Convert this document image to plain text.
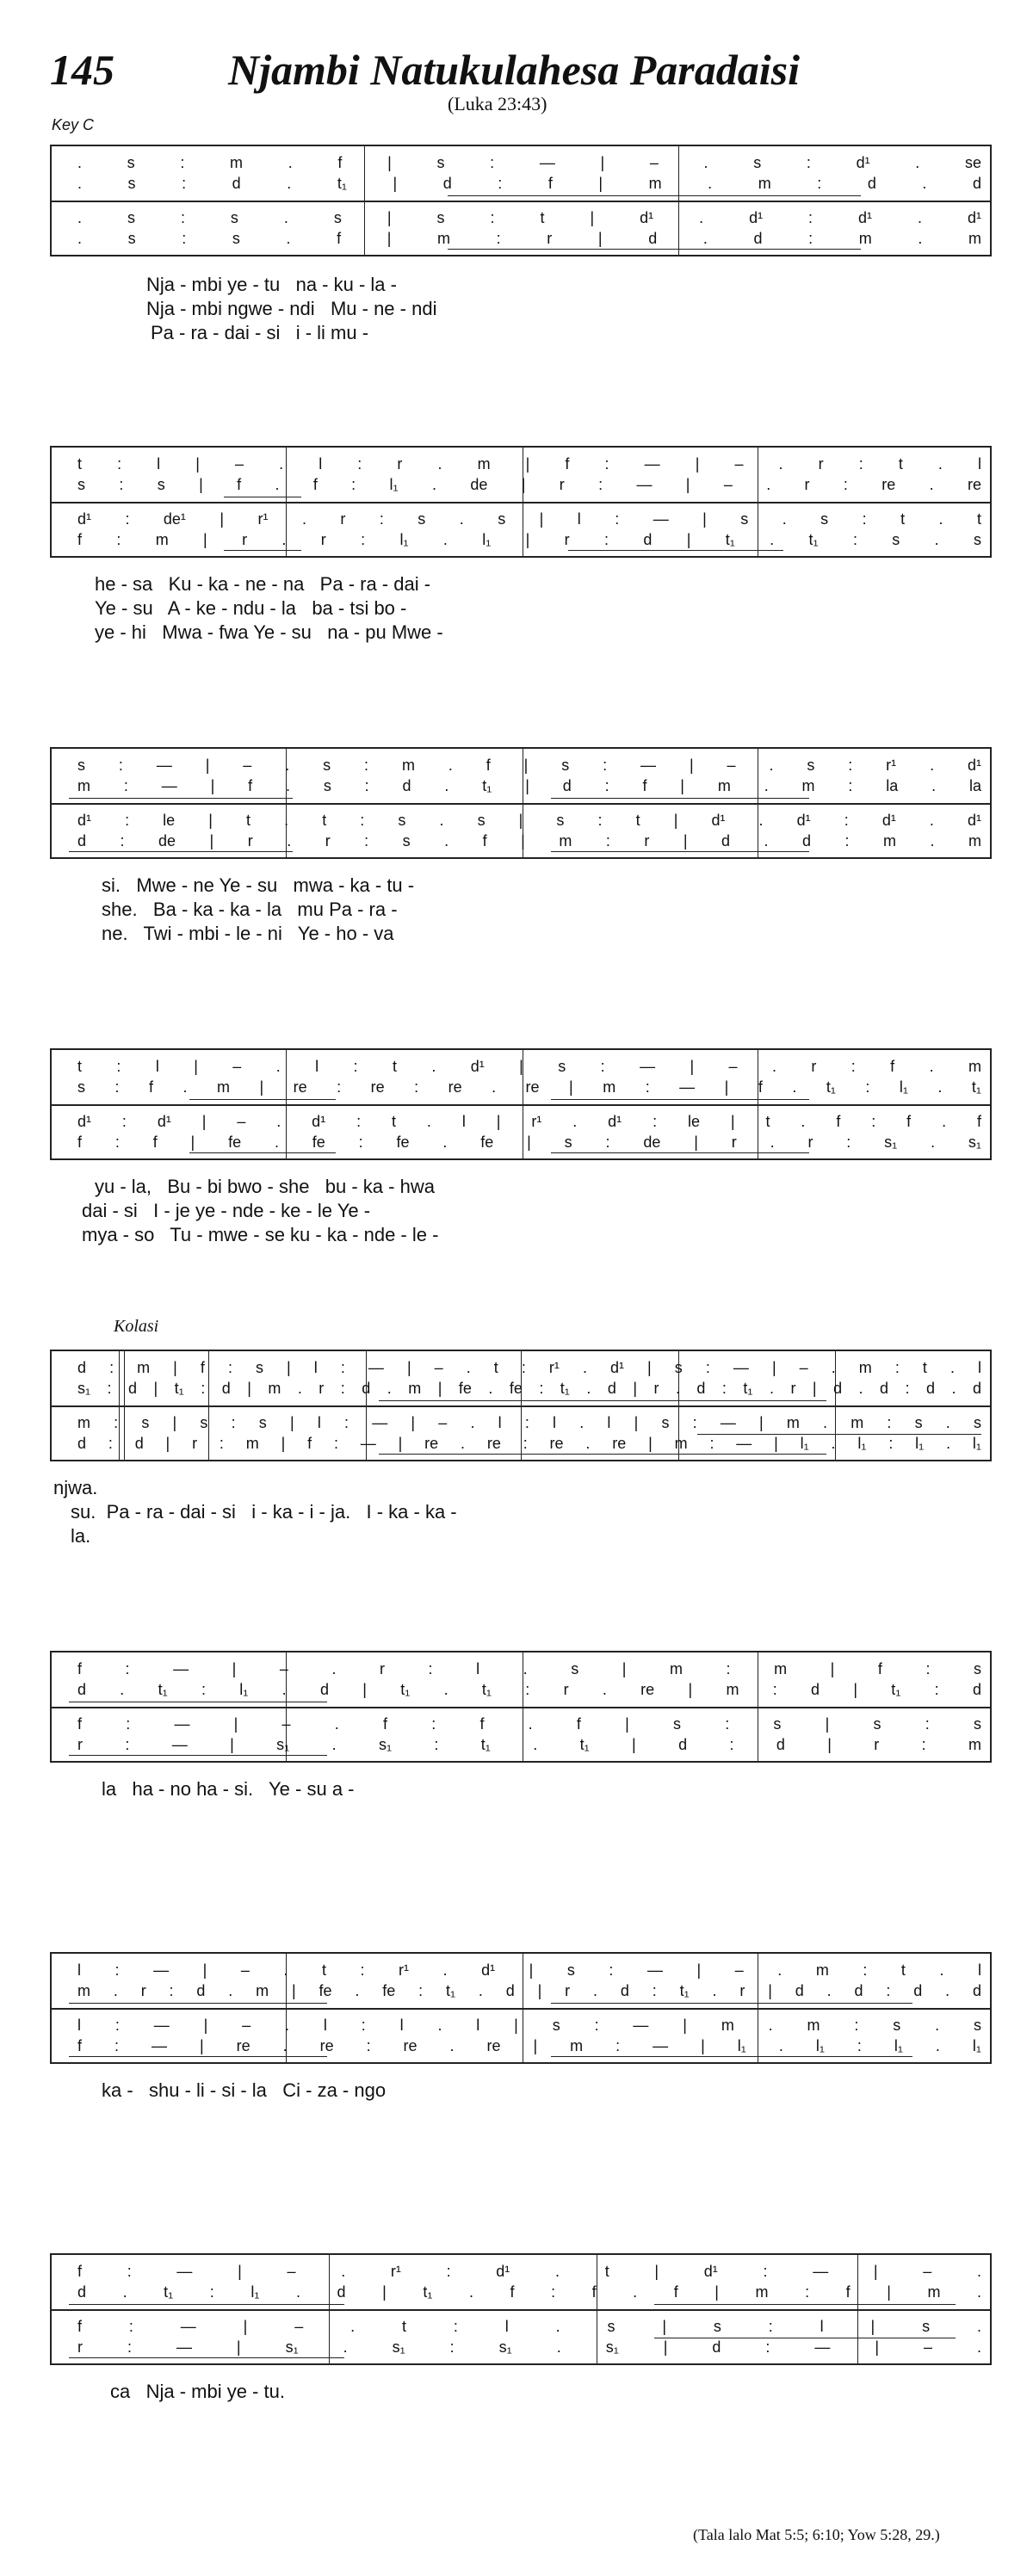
145	Njambi Natukulahesa Paradaisi
(Luka 23:43)
Key C
Kolasi
(Tala lalo Mat 5:5; 6:10; Yow 5:28, 29.)
. s : m . f | s : — | – . s : d¹ . se
. s : d . t₁ | d : f | m . m : d . d
. s : s . s | s : t | d¹ . d¹ : d¹ . d¹
. s : s . f | m : r | d . d : m . m
Nja - mbi ye - tu   na - ku - la -
Nja - mbi ngwe - ndi   Mu - ne - ndi
Pa - ra - dai - si   i - li mu -
t : l | – . l : r . m | f : — | – . r : t . l
s : s | f . f : l₁ . de | r : — | – . r : re . re
d¹ : de¹ | r¹ . r : s . s | l : — | s . s : t . t
f : m | r . r : l₁ . l₁ | r : d | t₁ . t₁ : s . s
he - sa   Ku - ka - ne - na   Pa - ra - dai -
Ye - su   A - ke - ndu - la   ba - tsi bo -
ye - hi   Mwa - fwa Ye - su   na - pu Mwe -
s : — | – . s : m . f | s : — | – . s : r¹ . d¹
m : — | f . s : d . t₁ | d : f | m . m : la . la
d¹ : le | t . t : s . s | s : t | d¹ . d¹ : d¹ . d¹
d : de | r . r : s . f | m : r | d . d : m . m
si.   Mwe - ne Ye - su   mwa - ka - tu -
she.   Ba - ka - ka - la   mu Pa - ra -
ne.   Twi - mbi - le - ni   Ye - ho - va
t : l | – . l : t . d¹ | s : — | – . r : f . m
s : f . m | re : re : re . re | m : — | f . t₁ : l₁ . t₁
d¹ : d¹ | – . d¹ : t . l | r¹ . d¹ : le | t . f : f . f
f : f | fe . fe : fe . fe | s : de | r . r : s₁ . s₁
yu - la,   Bu - bi bwo - she   bu - ka - hwa
dai - si   I - je ye - nde - ke - le Ye -
mya - so   Tu - mwe - se ku - ka - nde - le -
d : m | f : s | l : — | – . t : r¹ . d¹ | s : — | – . m : t . l
s₁ : d | t₁ : d | m . r : d . m | fe . fe : t₁ . d | r . d : t₁ . r | d . d : d . d
m : s | s : s | l : — | – . l : l . l | s : — | m . m : s . s
d : d | r : m | f : — | re . re : re . re | m : — | l₁ . l₁ : l₁ . l₁
njwa.
su.  Pa - ra - dai - si   i - ka - i - ja.   I - ka - ka -
la.
f : — | – . r : l . s | m : m | f : s
d . t₁ : l₁ . d | t₁ . t₁ : r . re | m : d | t₁ : d
f : — | – . f : f . f | s : s | s : s
r : — | s₁ . s₁ : t₁ . t₁ | d : d | r : m
la   ha - no ha - si.   Ye - su a -
l : — | – . t : r¹ . d¹ | s : — | – . m : t . l
m . r : d . m | fe . fe : t₁ . d | r . d : t₁ . r | d . d : d . d
l : — | – . l : l . l | s : — | m . m : s . s
f : — | re . re : re . re | m : — | l₁ . l₁ : l₁ . l₁
ka -   shu - li - si - la   Ci - za - ngo
f : — | – . r¹ : d¹ . t | d¹ : — | – .
d . t₁ : l₁ . d | t₁ . f : f . f | m : f | m .
f : — | – . t : l . s | s : l | s .
r : — | s₁ . s₁ : s₁ . s₁ | d : — | – .
ca   Nja - mbi ye - tu.
